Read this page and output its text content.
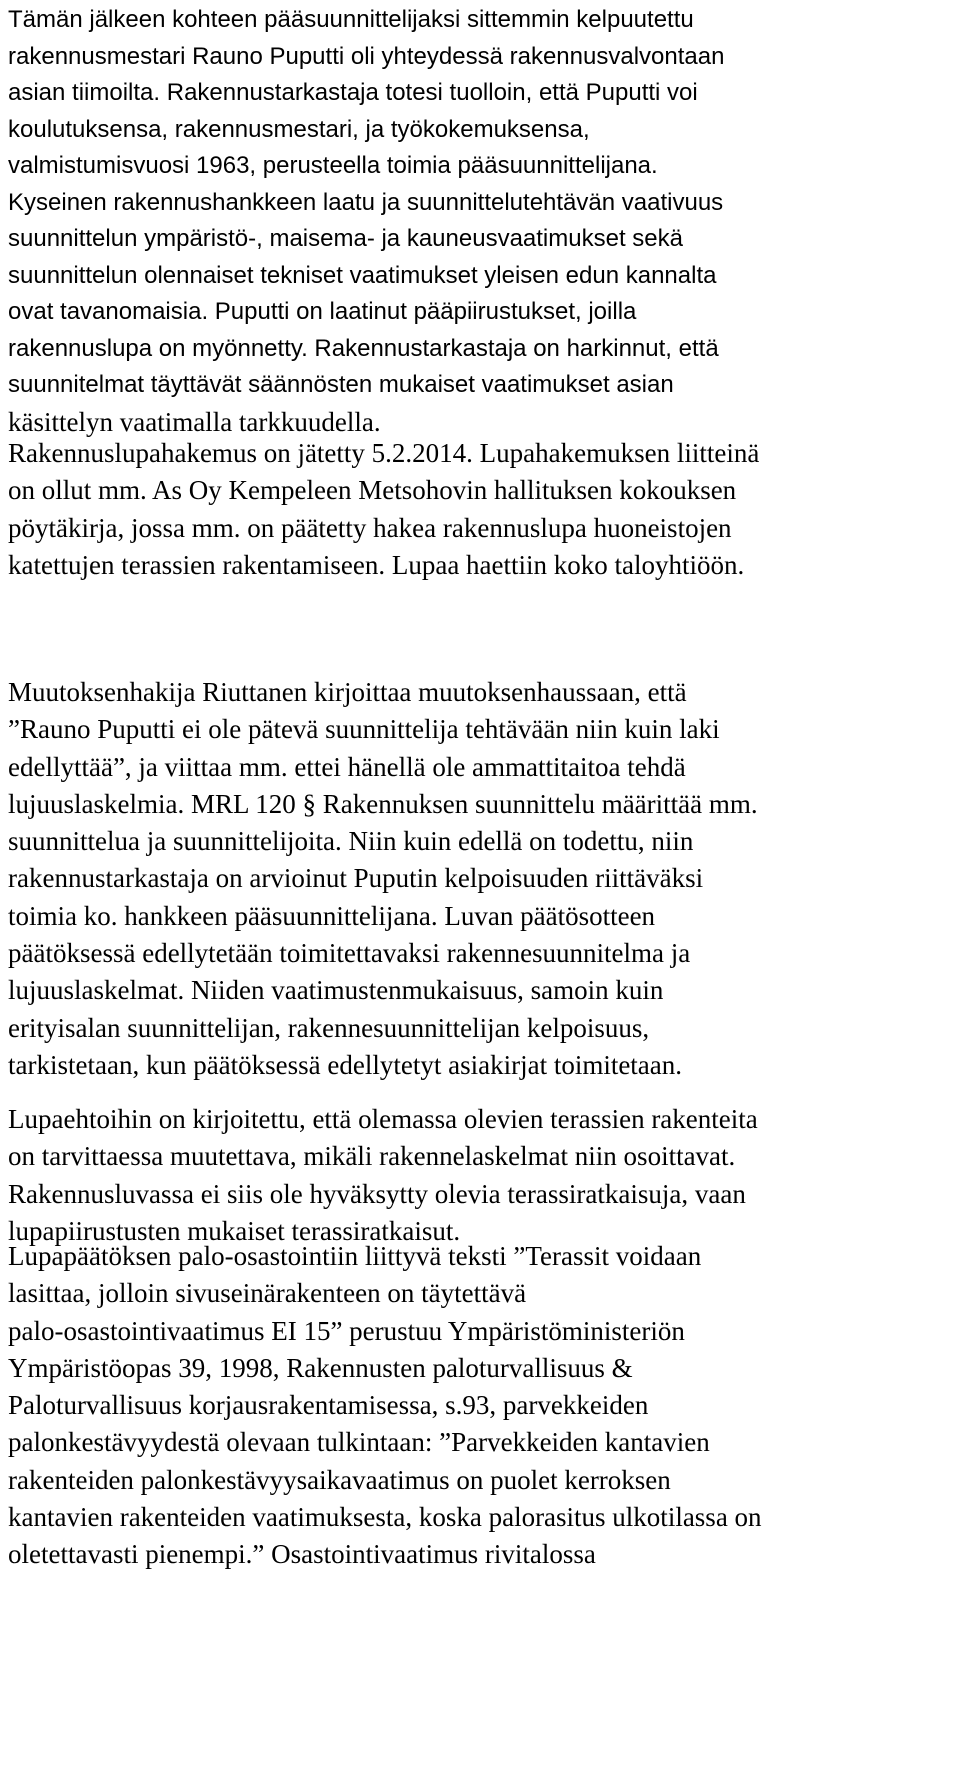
Tämän jälkeen kohteen pääsuunnittelijaksi sittemmin kelpuutettu
rakennusmestari Rauno Puputti oli yhteydessä rakennusvalvontaan
asian tiimoilta. Rakennustarkastaja totesi tuolloin, että Puputti voi
koulutuksensa, rakennusmestari, ja työkokemuksensa,
valmistumisvuosi 1963, perusteella toimia pääsuunnittelijana.
Kyseinen rakennushankkeen laatu ja suunnittelutehtävän vaativuus
suunnittelun ympäristö-, maisema- ja kauneusvaatimukset sekä
suunnittelun olennaiset tekniset vaatimukset yleisen edun kannalta
ovat tavanomaisia. Puputti on laatinut pääpiirustukset, joilla
rakennuslupa on myönnetty. Rakennustarkastaja on harkinnut, että
suunnitelmat täyttävät säännösten mukaiset vaatimukset asian
käsittelyn vaatimalla tarkkuudella.

Rakennuslupahakemus on jätetty 5.2.2014. Lupahakemuksen liitteinä
on ollut mm. As Oy Kempeleen Metsohovin hallituksen kokouksen
pöytäkirja, jossa mm. on päätetty hakea rakennuslupa huoneistojen
katettujen terassien rakentamiseen. Lupaa haettiin koko taloyhtiöön.

Muutoksenhakija Riuttanen kirjoittaa muutoksenhaussaan, että
”Rauno Puputti ei ole pätevä suunnittelija tehtävään niin kuin laki
edellyttää”, ja viittaa mm. ettei hänellä ole ammattitaitoa tehdä
lujuuslaskelmia. MRL 120 § Rakennuksen suunnittelu määrittää mm.
suunnittelua ja suunnittelijoita. Niin kuin edellä on todettu, niin
rakennustarkastaja on arvioinut Puputin kelpoisuuden riittäväksi
toimia ko. hankkeen pääsuunnittelijana. Luvan päätösotteen
päätöksessä edellytetään toimitettavaksi rakennesuunnitelma ja
lujuuslaskelmat. Niiden vaatimustenmukaisuus, samoin kuin
erityisalan suunnittelijan, rakennesuunnittelijan kelpoisuus,
tarkistetaan, kun päätöksessä edellytetyt asiakirjat toimitetaan.

Lupaehtoihin on kirjoitettu, että olemassa olevien terassien rakenteita
on tarvittaessa muutettava, mikäli rakennelaskelmat niin osoittavat.
Rakennusluvassa ei siis ole hyväksytty olevia terassiratkaisuja, vaan
lupapiirustusten mukaiset terassiratkaisut.

Lupapäätöksen palo-osastointiin liittyvä teksti ”Terassit voidaan
lasittaa, jolloin sivuseinärakenteen on täytettävä
palo-osastointivaatimus EI 15” perustuu Ympäristöministeriön
Ympäristöopas 39, 1998, Rakennusten paloturvallisuus &
Paloturvallisuus korjausrakentamisessa, s.93, parvekkeiden
palonkestävyydestä olevaan tulkintaan: ”Parvekkeiden kantavien
rakenteiden palonkestävyysaikavaatimus on puolet kerroksen
kantavien rakenteiden vaatimuksesta, koska palorasitus ulkotilassa on
oletettavasti pienempi.” Osastointivaatimus rivitalossa
